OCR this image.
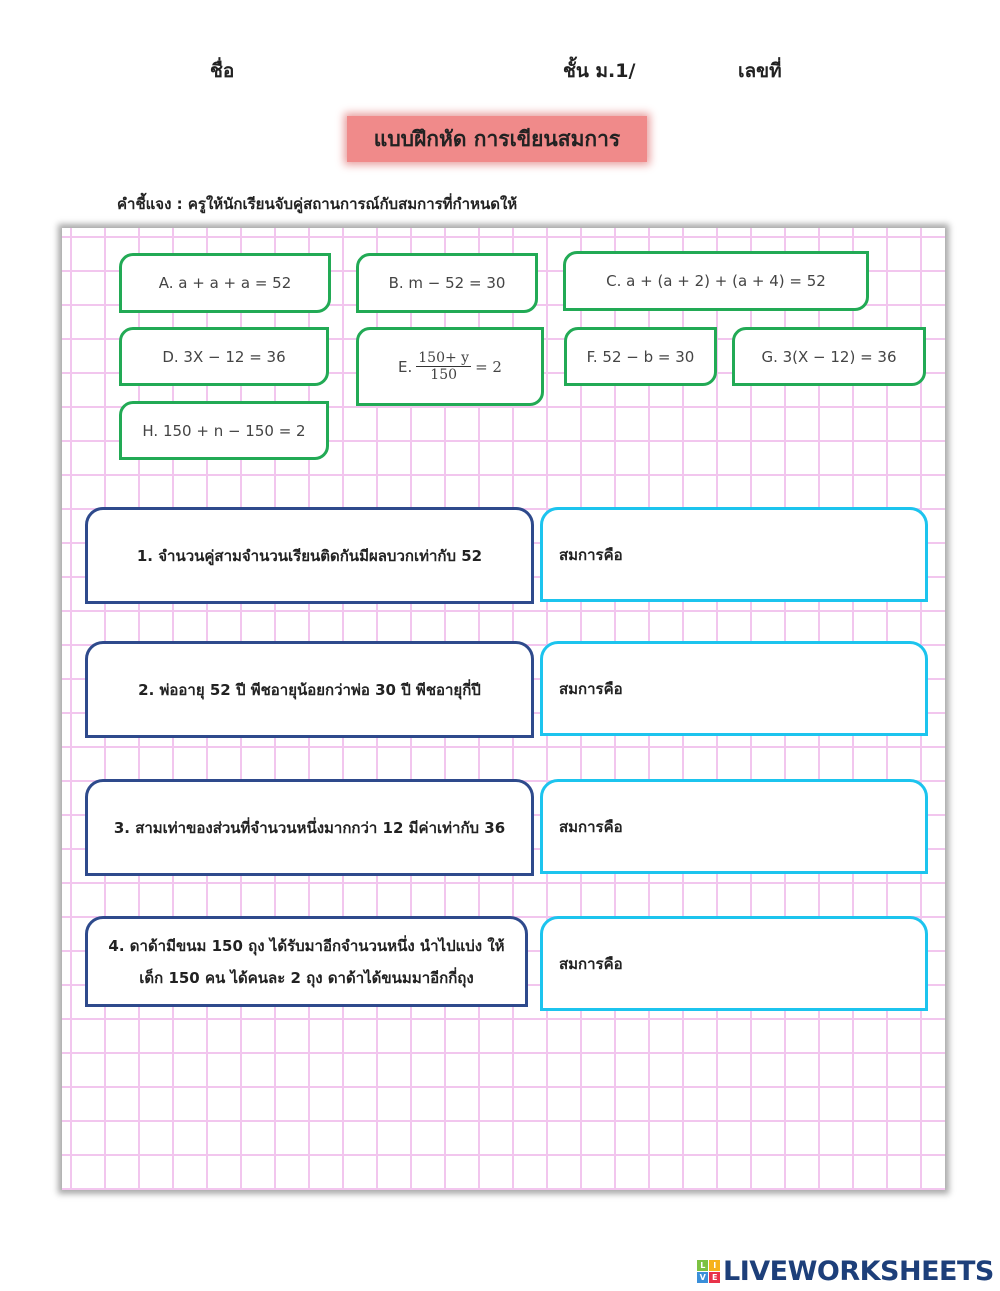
ชื่อ	ชั้น ม.1/	เลขที่
แบบฝึกหัด การเขียนสมการ
คำชี้แจง : ครูให้นักเรียนจับคู่สถานการณ์กับสมการที่กำหนดให้
A. a + a + a = 52	B. m − 52 = 30	C. a + (a + 2) + (a + 4) = 52
D. 3X − 12 = 36
E. $\frac{150+ y}{150} = 2$
F. 52 − b = 30	G. 3(X − 12) = 36
H. 150 + n − 150 = 2
1. จำนวนคู่สามจำนวนเรียนติดกันมีผลบวกเท่ากับ 52	สมการคือ
2. พ่ออายุ 52 ปี พีชอายุน้อยกว่าพ่อ 30 ปี พีชอายุกี่ปี	สมการคือ
3. สามเท่าของส่วนที่จำนวนหนึ่งมากกว่า 12 มีค่าเท่ากับ 36	สมการคือ
4. ดาด้ามีขนม 150 ถุง ได้รับมาอีกจำนวนหนึ่ง นำไปแบ่ง ให้เด็ก 150 คน ได้คนละ 2 ถุง ดาด้าได้ขนมมาอีกกี่ถุง
สมการคือ
L	I
V E LIVEWORKSHEETS
